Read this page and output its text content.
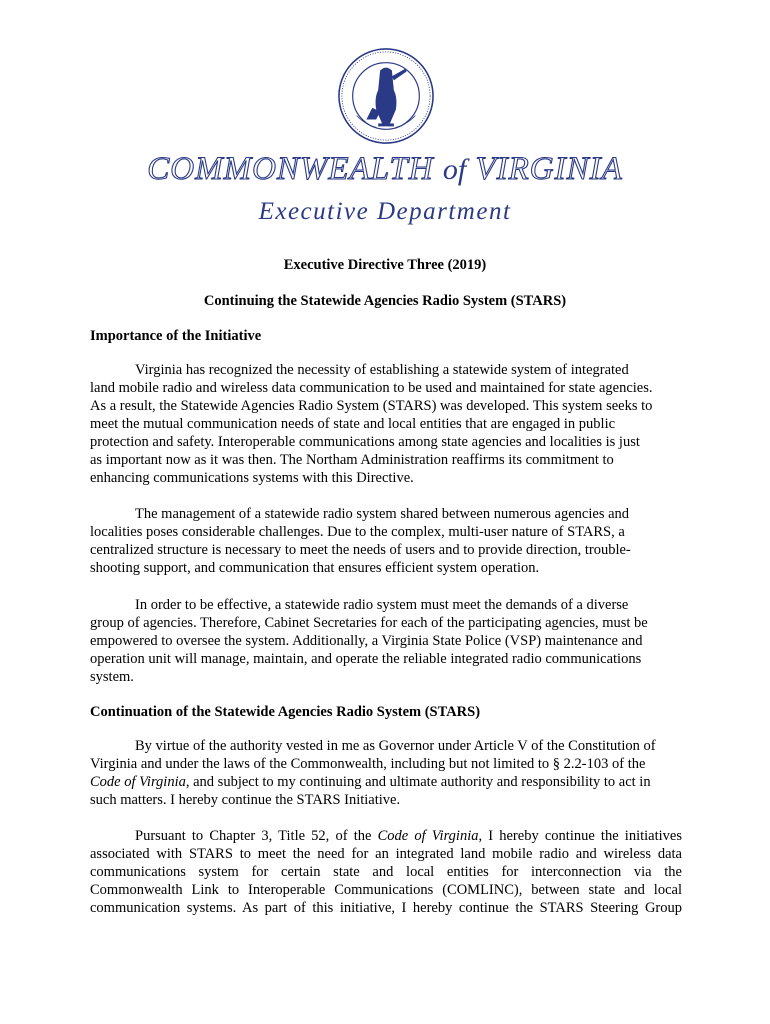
COMMONWEALTH of VIRGINIA
Executive Department
Executive Directive Three (2019)
Continuing the Statewide Agencies Radio System (STARS)
Importance of the Initiative
Virginia has recognized the necessity of establishing a statewide system of integrated
land mobile radio and wireless data communication to be used and maintained for state agencies.
As a result, the Statewide Agencies Radio System (STARS) was developed. This system seeks to
meet the mutual communication needs of state and local entities that are engaged in public
protection and safety. Interoperable communications among state agencies and localities is just
as important now as it was then. The Northam Administration reaffirms its commitment to
enhancing communications systems with this Directive.
The management of a statewide radio system shared between numerous agencies and
localities poses considerable challenges. Due to the complex, multi-user nature of STARS, a
centralized structure is necessary to meet the needs of users and to provide direction, trouble-
shooting support, and communication that ensures efficient system operation.
In order to be effective, a statewide radio system must meet the demands of a diverse
group of agencies. Therefore, Cabinet Secretaries for each of the participating agencies, must be
empowered to oversee the system. Additionally, a Virginia State Police (VSP) maintenance and
operation unit will manage, maintain, and operate the reliable integrated radio communications
system.
Continuation of the Statewide Agencies Radio System (STARS)
By virtue of the authority vested in me as Governor under Article V of the Constitution of
Virginia and under the laws of the Commonwealth, including but not limited to § 2.2-103 of the
Code of Virginia, and subject to my continuing and ultimate authority and responsibility to act in
such matters. I hereby continue the STARS Initiative.
Pursuant to Chapter 3, Title 52, of the Code of Virginia, I hereby continue the initiatives
associated with STARS to meet the need for an integrated land mobile radio and wireless data
communications system for certain state and local entities for interconnection via the
Commonwealth Link to Interoperable Communications (COMLINC), between state and local
communication systems. As part of this initiative, I hereby continue the STARS Steering Group
